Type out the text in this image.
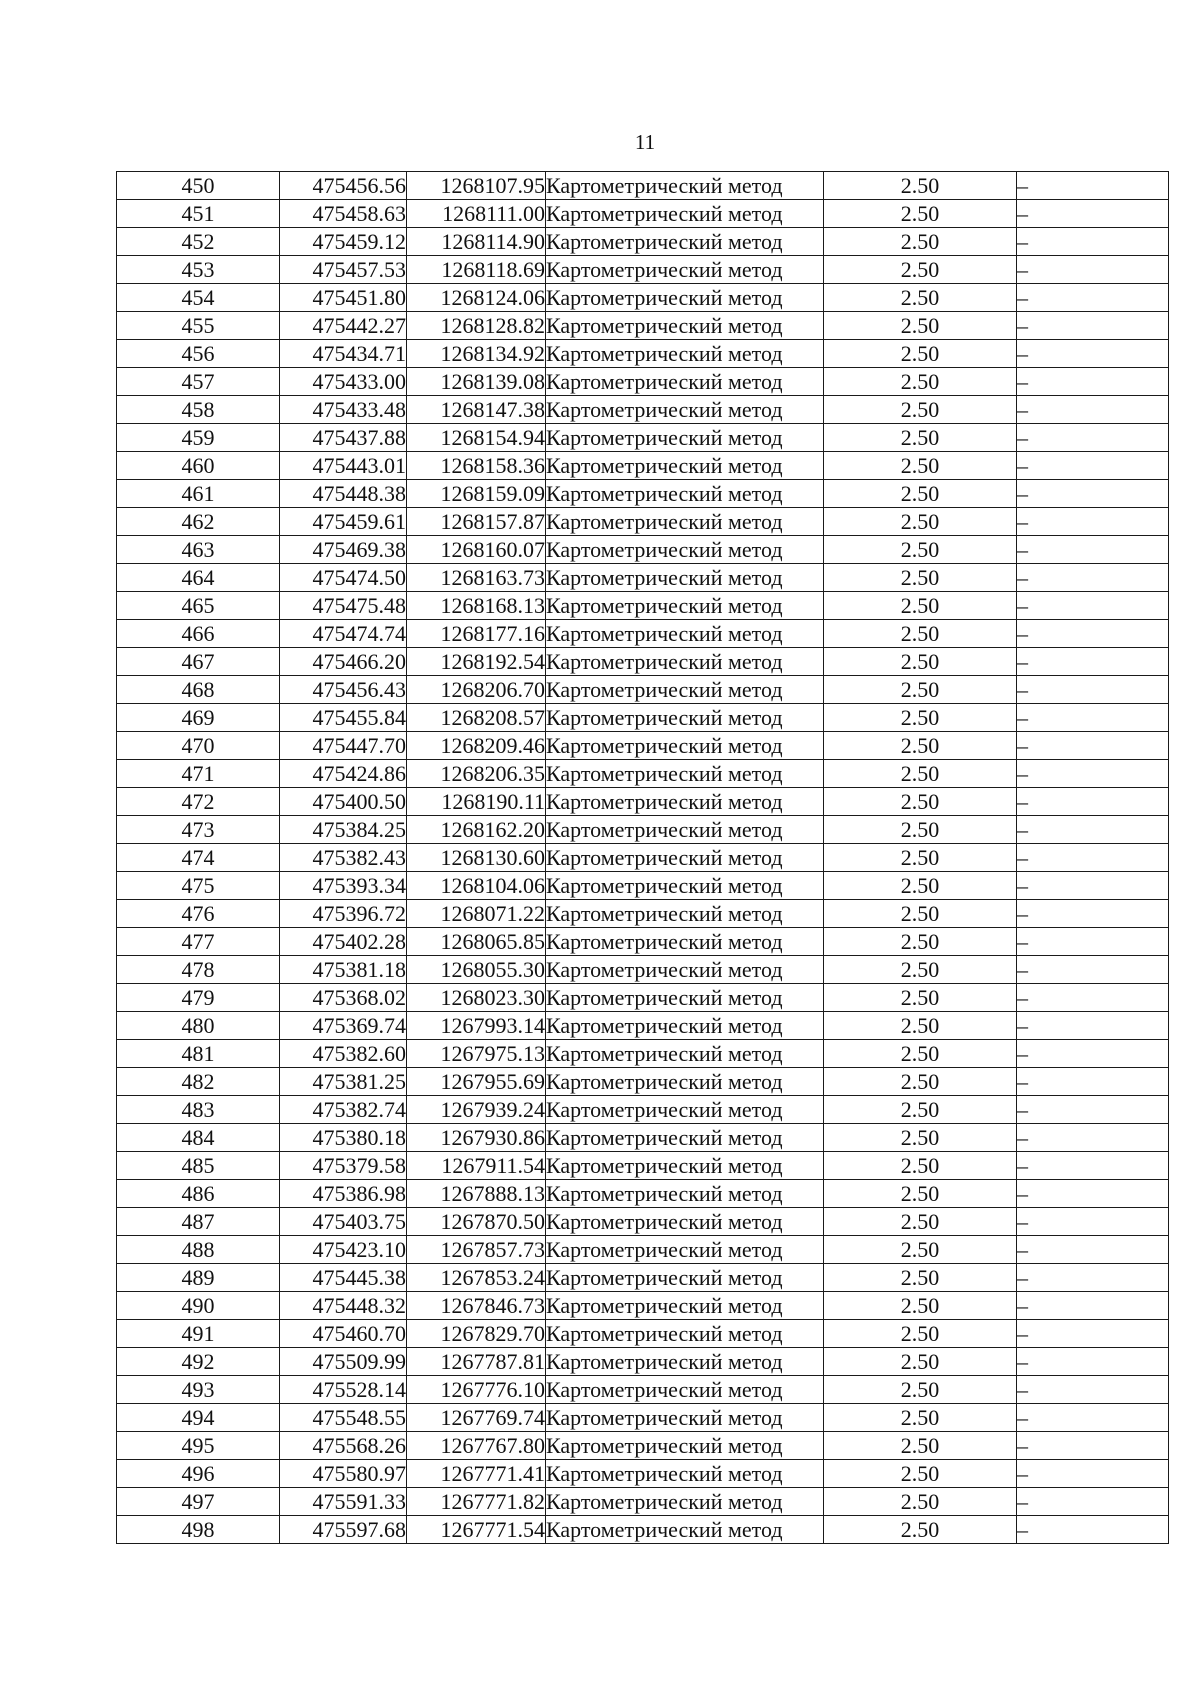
11
450	475456.56	1268107.95	Картометрический метод	2.50	–
451	475458.63	1268111.00	Картометрический метод	2.50	–
452	475459.12	1268114.90	Картометрический метод	2.50	–
453	475457.53	1268118.69	Картометрический метод	2.50	–
454	475451.80	1268124.06	Картометрический метод	2.50	–
455	475442.27	1268128.82	Картометрический метод	2.50	–
456	475434.71	1268134.92	Картометрический метод	2.50	–
457	475433.00	1268139.08	Картометрический метод	2.50	–
458	475433.48	1268147.38	Картометрический метод	2.50	–
459	475437.88	1268154.94	Картометрический метод	2.50	–
460	475443.01	1268158.36	Картометрический метод	2.50	–
461	475448.38	1268159.09	Картометрический метод	2.50	–
462	475459.61	1268157.87	Картометрический метод	2.50	–
463	475469.38	1268160.07	Картометрический метод	2.50	–
464	475474.50	1268163.73	Картометрический метод	2.50	–
465	475475.48	1268168.13	Картометрический метод	2.50	–
466	475474.74	1268177.16	Картометрический метод	2.50	–
467	475466.20	1268192.54	Картометрический метод	2.50	–
468	475456.43	1268206.70	Картометрический метод	2.50	–
469	475455.84	1268208.57	Картометрический метод	2.50	–
470	475447.70	1268209.46	Картометрический метод	2.50	–
471	475424.86	1268206.35	Картометрический метод	2.50	–
472	475400.50	1268190.11	Картометрический метод	2.50	–
473	475384.25	1268162.20	Картометрический метод	2.50	–
474	475382.43	1268130.60	Картометрический метод	2.50	–
475	475393.34	1268104.06	Картометрический метод	2.50	–
476	475396.72	1268071.22	Картометрический метод	2.50	–
477	475402.28	1268065.85	Картометрический метод	2.50	–
478	475381.18	1268055.30	Картометрический метод	2.50	–
479	475368.02	1268023.30	Картометрический метод	2.50	–
480	475369.74	1267993.14	Картометрический метод	2.50	–
481	475382.60	1267975.13	Картометрический метод	2.50	–
482	475381.25	1267955.69	Картометрический метод	2.50	–
483	475382.74	1267939.24	Картометрический метод	2.50	–
484	475380.18	1267930.86	Картометрический метод	2.50	–
485	475379.58	1267911.54	Картометрический метод	2.50	–
486	475386.98	1267888.13	Картометрический метод	2.50	–
487	475403.75	1267870.50	Картометрический метод	2.50	–
488	475423.10	1267857.73	Картометрический метод	2.50	–
489	475445.38	1267853.24	Картометрический метод	2.50	–
490	475448.32	1267846.73	Картометрический метод	2.50	–
491	475460.70	1267829.70	Картометрический метод	2.50	–
492	475509.99	1267787.81	Картометрический метод	2.50	–
493	475528.14	1267776.10	Картометрический метод	2.50	–
494	475548.55	1267769.74	Картометрический метод	2.50	–
495	475568.26	1267767.80	Картометрический метод	2.50	–
496	475580.97	1267771.41	Картометрический метод	2.50	–
497	475591.33	1267771.82	Картометрический метод	2.50	–
498	475597.68	1267771.54	Картометрический метод	2.50	–
